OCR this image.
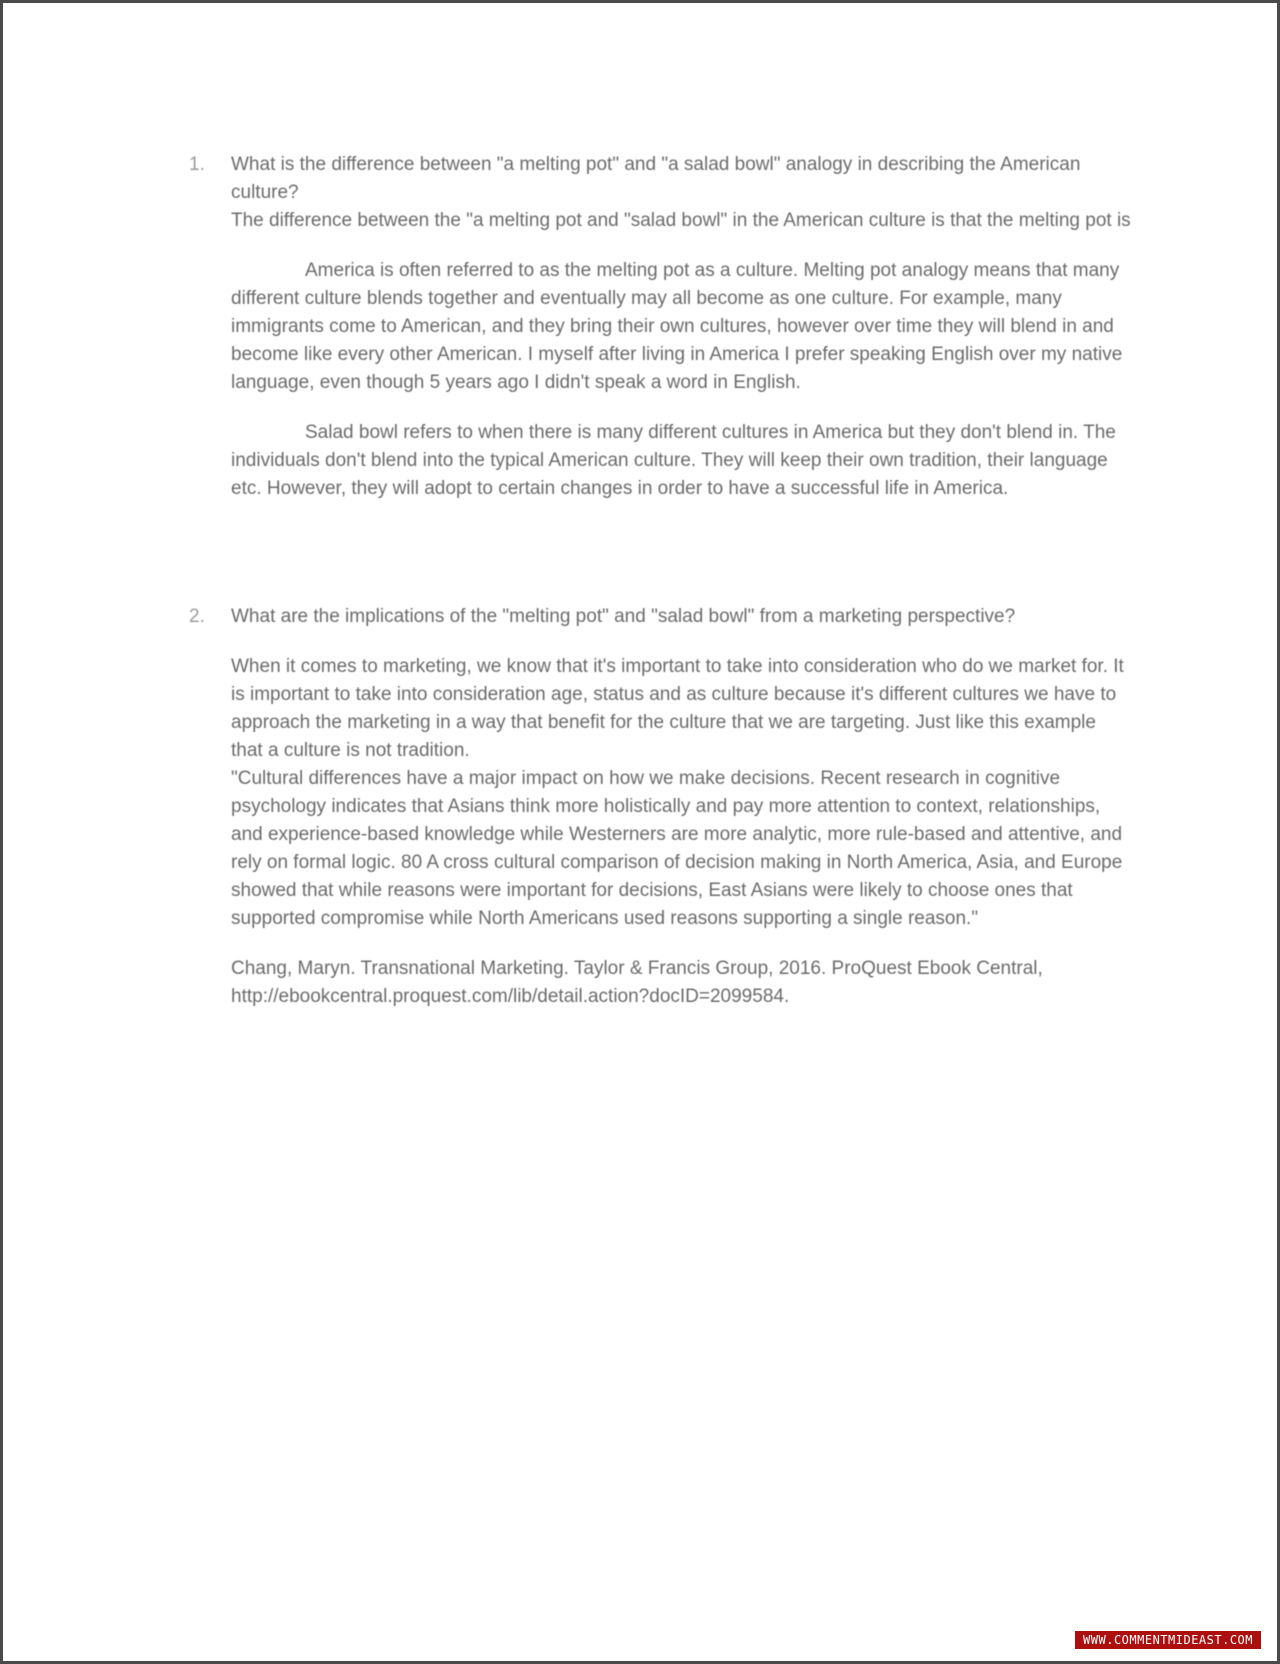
1. What is the difference between "a melting pot" and "a salad bowl" analogy in describing the American culture?

The difference between the "a melting pot and "salad bowl" in the American culture is that the melting pot is

America is often referred to as the melting pot as a culture. Melting pot analogy means that many different culture blends together and eventually may all become as one culture. For example, many immigrants come to American, and they bring their own cultures, however over time they will blend in and become like every other American. I myself after living in America I prefer speaking English over my native language, even though 5 years ago I didn't speak a word in English.

Salad bowl refers to when there is many different cultures in America but they don't blend in. The individuals don't blend into the typical American culture. They will keep their own tradition, their language etc. However, they will adopt to certain changes in order to have a successful life in America.

2. What are the implications of the "melting pot" and "salad bowl" from a marketing perspective?

When it comes to marketing, we know that it's important to take into consideration who do we market for. It is important to take into consideration age, status and as culture because it's different cultures we have to approach the marketing in a way that benefit for the culture that we are targeting. Just like this example that a culture is not tradition.

"Cultural differences have a major impact on how we make decisions. Recent research in cognitive psychology indicates that Asians think more holistically and pay more attention to context, relationships, and experience-based knowledge while Westerners are more analytic, more rule-based and attentive, and rely on formal logic. 80 A cross cultural comparison of decision making in North America, Asia, and Europe showed that while reasons were important for decisions, East Asians were likely to choose ones that supported compromise while North Americans used reasons supporting a single reason."

Chang, Maryn. Transnational Marketing. Taylor & Francis Group, 2016. ProQuest Ebook Central, http://ebookcentral.proquest.com/lib/detail.action?docID=2099584.

WWW.COMMENTMIDEAST.COM
